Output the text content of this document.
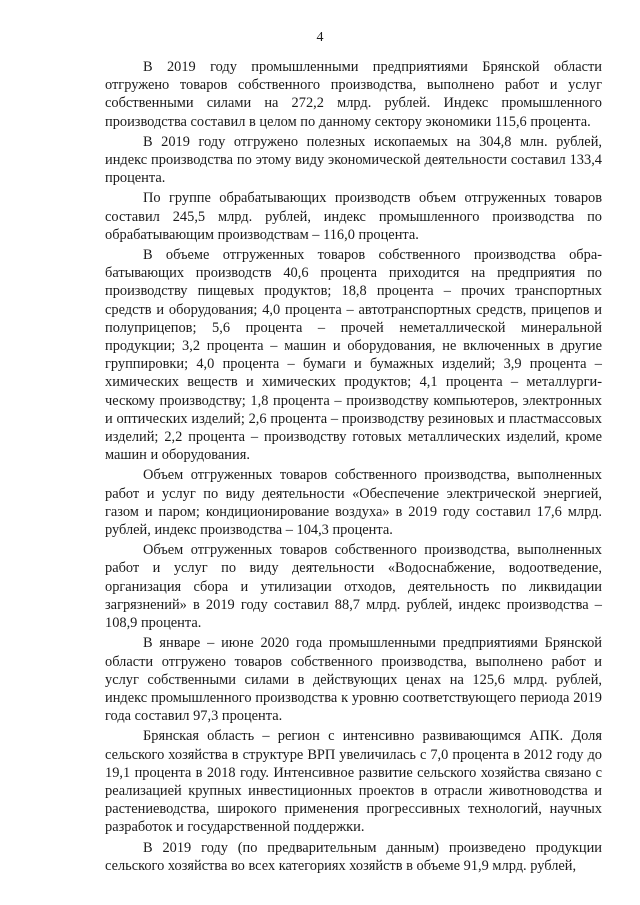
4

В 2019 году промышленными предприятиями Брянской области отгружено товаров собственного производства, выполнено работ и услуг собственными силами на 272,2 млрд. рублей. Индекс промышленного производства составил в целом по данному сектору экономики 115,6 процента.

В 2019 году отгружено полезных ископаемых на 304,8 млн. рублей, индекс производства по этому виду экономической деятельности составил 133,4 процента.

По группе обрабатывающих производств объем отгруженных товаров составил 245,5 млрд. рублей, индекс промышленного производства по обрабатывающим производствам – 116,0 процента.

В объеме отгруженных товаров собственного производства обрабатывающих производств 40,6 процента приходится на предприятия по производству пищевых продуктов; 18,8 процента – прочих транспортных средств и оборудования; 4,0 процента – автотранспортных средств, прицепов и полуприцепов; 5,6 процента – прочей неметаллической минеральной продукции; 3,2 процента – машин и оборудования, не включенных в другие группировки; 4,0 процента – бумаги и бумажных изделий; 3,9 процента – химических веществ и химических продуктов; 4,1 процента – металлургическому производству; 1,8 процента – производству компьютеров, электронных и оптических изделий; 2,6 процента – производству резиновых и пластмассовых изделий; 2,2 процента – производству готовых металлических изделий, кроме машин и оборудования.

Объем отгруженных товаров собственного производства, выполненных работ и услуг по виду деятельности «Обеспечение электрической энергией, газом и паром; кондиционирование воздуха» в 2019 году составил 17,6 млрд. рублей, индекс производства – 104,3 процента.

Объем отгруженных товаров собственного производства, выполненных работ и услуг по виду деятельности «Водоснабжение, водоотведение, организация сбора и утилизации отходов, деятельность по ликвидации загрязнений» в 2019 году составил 88,7 млрд. рублей, индекс производства – 108,9 процента.

В январе – июне 2020 года промышленными предприятиями Брянской области отгружено товаров собственного производства, выполнено работ и услуг собственными силами в действующих ценах на 125,6 млрд. рублей, индекс промышленного производства к уровню соответствующего периода 2019 года составил 97,3 процента.

Брянская область – регион с интенсивно развивающимся АПК. Доля сельского хозяйства в структуре ВРП увеличилась с 7,0 процента в 2012 году до 19,1 процента в 2018 году. Интенсивное развитие сельского хозяйства связано с реализацией крупных инвестиционных проектов в отрасли животноводства и растениеводства, широкого применения прогрессивных технологий, научных разработок и государственной поддержки.

В 2019 году (по предварительным данным) произведено продукции сельского хозяйства во всех категориях хозяйств в объеме 91,9 млрд. рублей,
